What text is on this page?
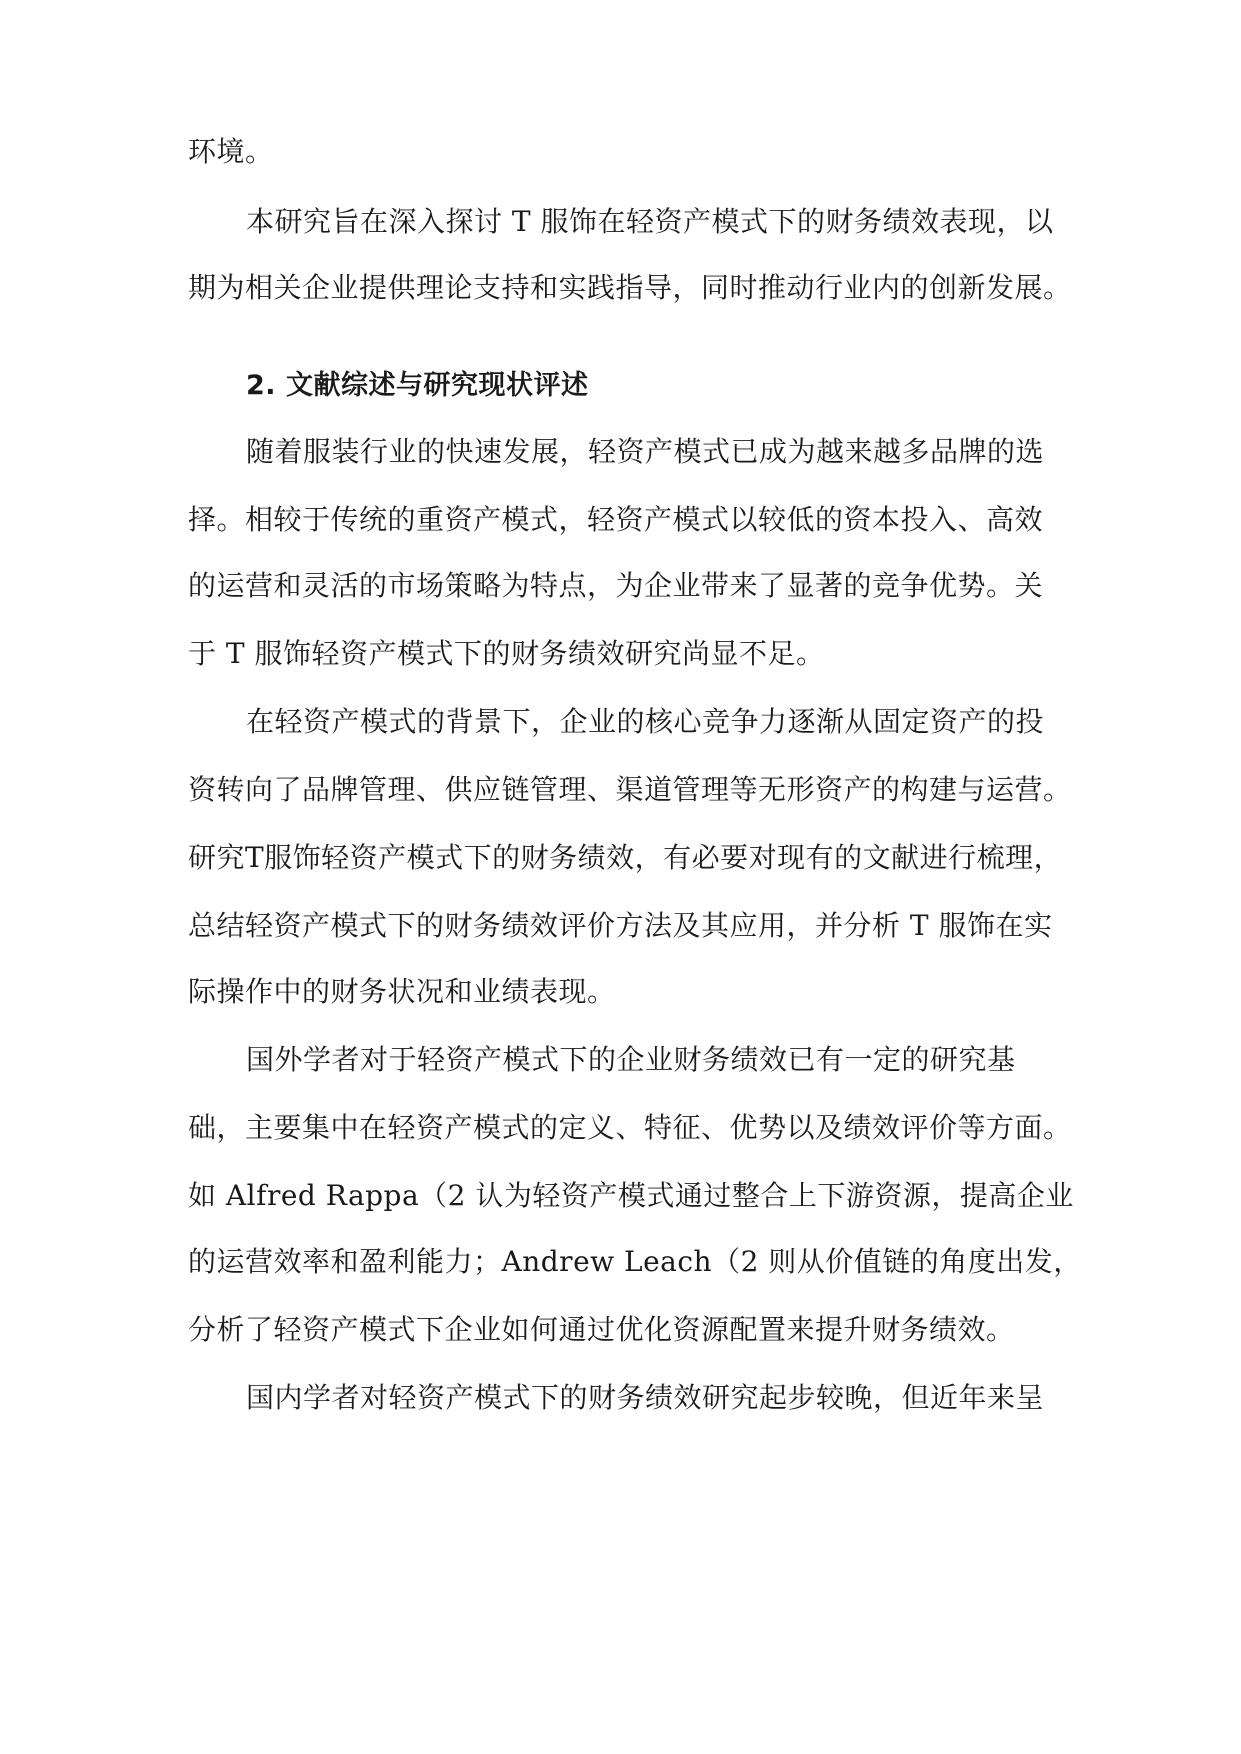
环境。
本研究旨在深入探讨 T 服饰在轻资产模式下的财务绩效表现，以
期为相关企业提供理论支持和实践指导，同时推动行业内的创新发展。
2. 文献综述与研究现状评述
随着服装行业的快速发展，轻资产模式已成为越来越多品牌的选
择。相较于传统的重资产模式，轻资产模式以较低的资本投入、高效
的运营和灵活的市场策略为特点，为企业带来了显著的竞争优势。关
于 T 服饰轻资产模式下的财务绩效研究尚显不足。
在轻资产模式的背景下，企业的核心竞争力逐渐从固定资产的投
资转向了品牌管理、供应链管理、渠道管理等无形资产的构建与运营。
研究T服饰轻资产模式下的财务绩效，有必要对现有的文献进行梳理，
总结轻资产模式下的财务绩效评价方法及其应用，并分析 T 服饰在实
际操作中的财务状况和业绩表现。
国外学者对于轻资产模式下的企业财务绩效已有一定的研究基
础，主要集中在轻资产模式的定义、特征、优势以及绩效评价等方面。
如 Alfred Rappa（2 认为轻资产模式通过整合上下游资源，提高企业
的运营效率和盈利能力；Andrew Leach（2 则从价值链的角度出发，
分析了轻资产模式下企业如何通过优化资源配置来提升财务绩效。
国内学者对轻资产模式下的财务绩效研究起步较晚，但近年来呈
